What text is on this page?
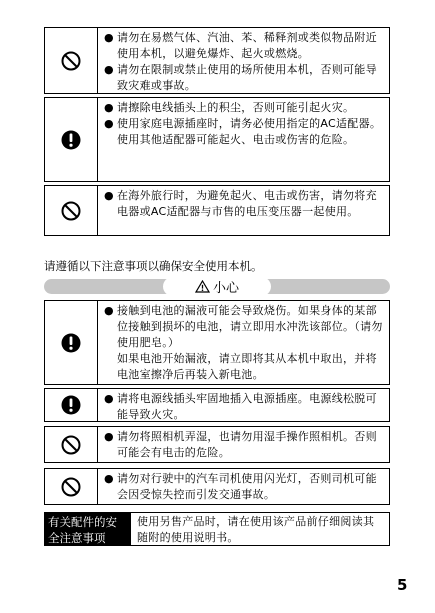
● 请勿在易燃气体、汽油、苯、稀释剂或类似物品附近使用本机，以避免爆炸、起火或燃烧。
● 请勿在限制或禁止使用的场所使用本机，否则可能导致灾难或事故。
● 请擦除电线插头上的积尘，否则可能引起火灾。
● 使用家庭电源插座时，请务必使用指定的AC适配器。使用其他适配器可能起火、电击或伤害的危险。
● 在海外旅行时，为避免起火、电击或伤害，请勿将充电器或AC适配器与市售的电压变压器一起使用。
请遵循以下注意事项以确保安全使用本机。
小心
● 接触到电池的漏液可能会导致烧伤。如果身体的某部位接触到损坏的电池，请立即用水冲洗该部位。（请勿使用肥皂。）
如果电池开始漏液，请立即将其从本机中取出，并将电池室擦净后再装入新电池。
● 请将电源线插头牢固地插入电源插座。电源线松脱可能导致火灾。
● 请勿将照相机弄湿，也请勿用湿手操作照相机。否则可能会有电击的危险。
● 请勿对行驶中的汽车司机使用闪光灯，否则司机可能会因受惊失控而引发交通事故。
有关配件的安全注意事项
使用另售产品时，请在使用该产品前仔细阅读其随附的使用说明书。
5
